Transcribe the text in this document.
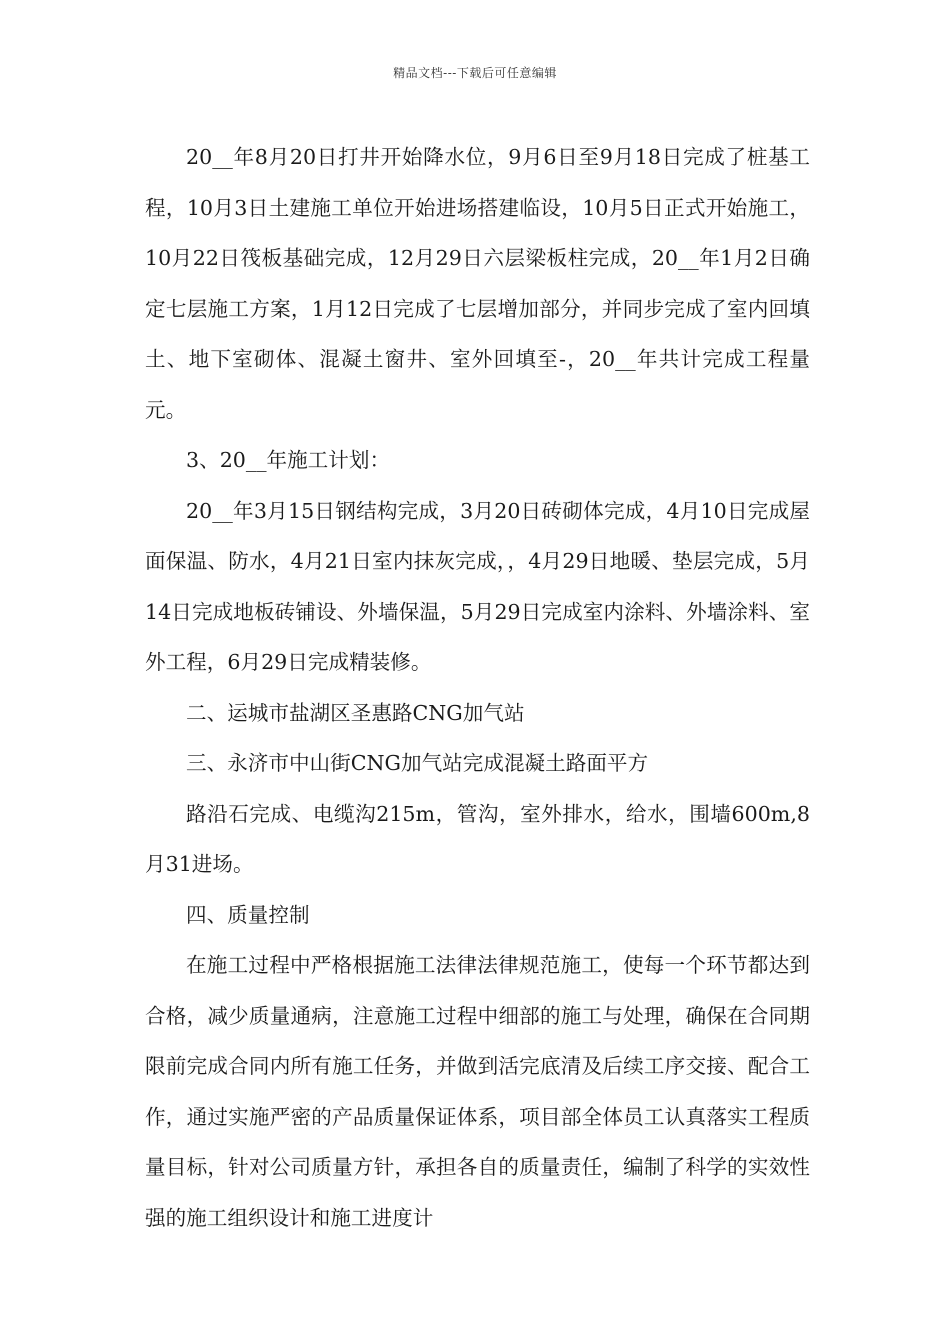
精品文档---下载后可任意编辑

20__年8月20日打井开始降水位，9月6日至9月18日完成了桩基工程，10月3日土建施工单位开始进场搭建临设，10月5日正式开始施工，10月22日筏板基础完成，12月29日六层梁板柱完成，20__年1月2日确定七层施工方案，1月12日完成了七层增加部分，并同步完成了室内回填土、地下室砌体、混凝土窗井、室外回填至-，20__年共计完成工程量元。

3、20__年施工计划：

20__年3月15日钢结构完成，3月20日砖砌体完成，4月10日完成屋面保温、防水，4月21日室内抹灰完成，，4月29日地暖、垫层完成，5月14日完成地板砖铺设、外墙保温，5月29日完成室内涂料、外墙涂料、室外工程，6月29日完成精装修。

二、运城市盐湖区圣惠路CNG加气站

三、永济市中山街CNG加气站完成混凝土路面平方

路沿石完成、电缆沟215m，管沟，室外排水，给水，围墙600m,8月31进场。

四、质量控制

在施工过程中严格根据施工法律法律规范施工，使每一个环节都达到合格，减少质量通病，注意施工过程中细部的施工与处理，确保在合同期限前完成合同内所有施工任务，并做到活完底清及后续工序交接、配合工作，通过实施严密的产品质量保证体系，项目部全体员工认真落实工程质量目标，针对公司质量方针，承担各自的质量责任，编制了科学的实效性强的施工组织设计和施工进度计
